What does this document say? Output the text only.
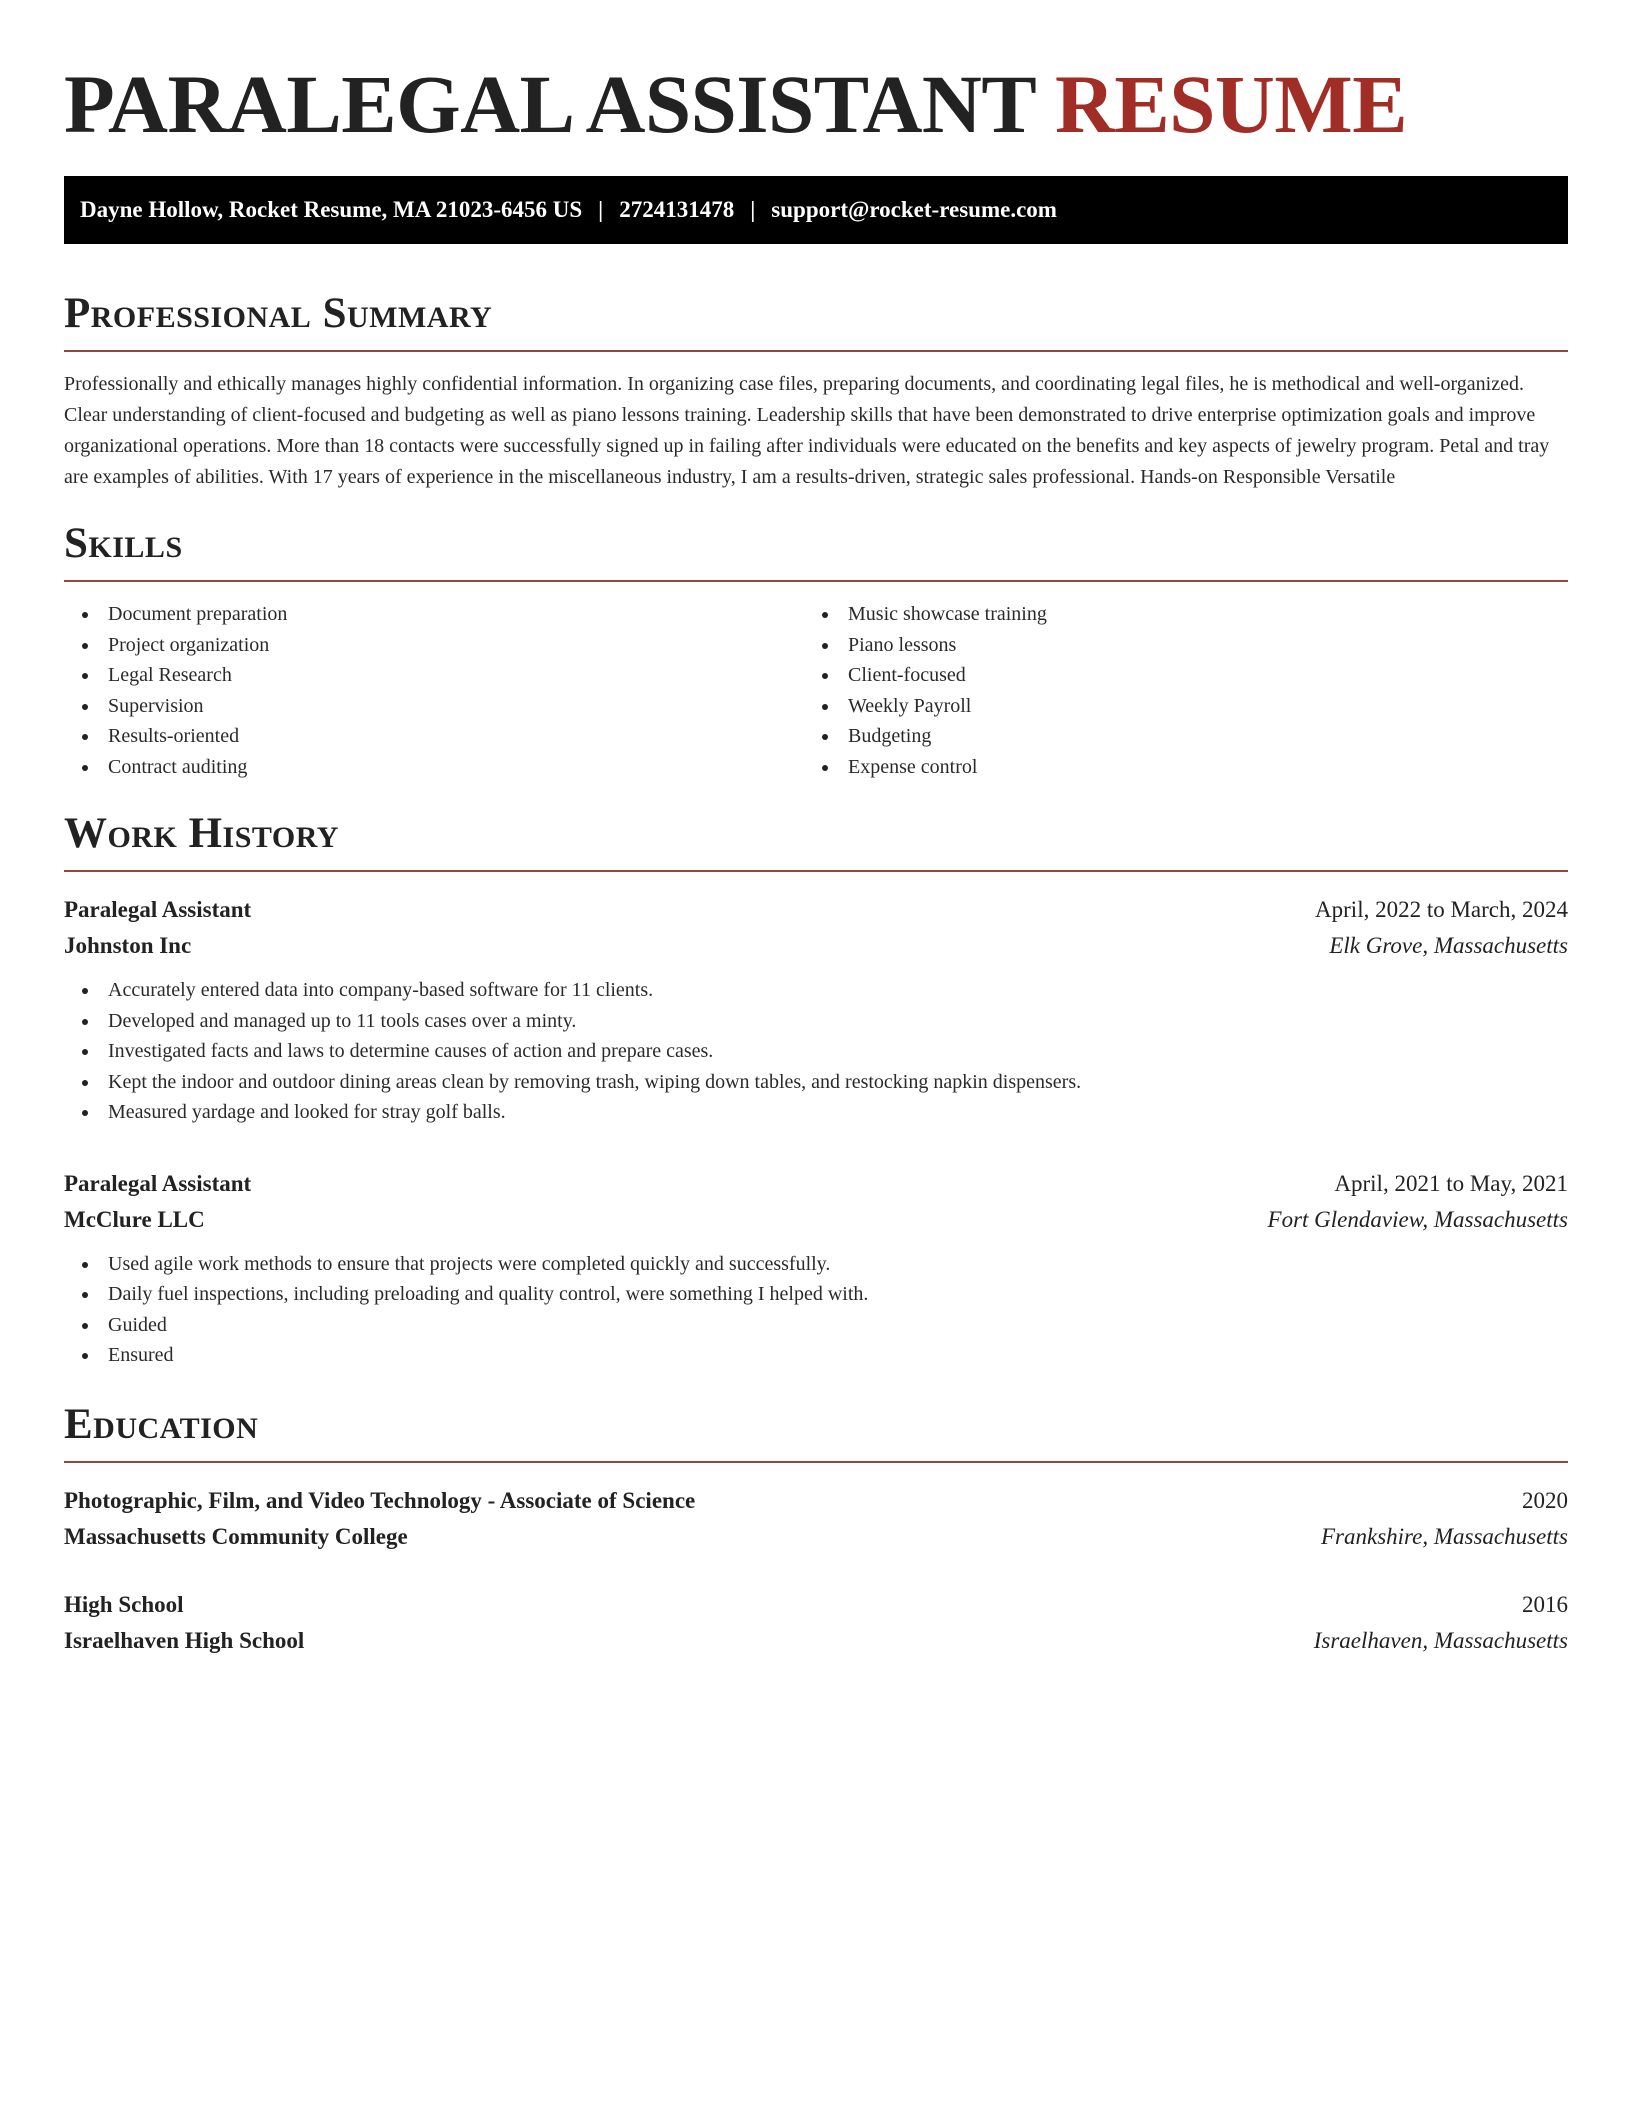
PARALEGAL ASSISTANT RESUME
Dayne Hollow, Rocket Resume, MA 21023-6456 US | 2724131478 | support@rocket-resume.com
Professional Summary

Professionally and ethically manages highly confidential information. In organizing case files, preparing documents, and coordinating legal files, he is methodical and well-organized. Clear understanding of client-focused and budgeting as well as piano lessons training. Leadership skills that have been demonstrated to drive enterprise optimization goals and improve organizational operations. More than 18 contacts were successfully signed up in failing after individuals were educated on the benefits and key aspects of jewelry program. Petal and tray are examples of abilities. With 17 years of experience in the miscellaneous industry, I am a results-driven, strategic sales professional. Hands-on Responsible Versatile

Skills
Document preparation
Project organization
Legal Research
Supervision
Results-oriented
Contract auditing
Music showcase training
Piano lessons
Client-focused
Weekly Payroll
Budgeting
Expense control
Work History
Paralegal Assistant	April, 2022 to March, 2024
Johnston Inc	Elk Grove, Massachusetts
Accurately entered data into company-based software for 11 clients.
Developed and managed up to 11 tools cases over a minty.
Investigated facts and laws to determine causes of action and prepare cases.
Kept the indoor and outdoor dining areas clean by removing trash, wiping down tables, and restocking napkin dispensers.
Measured yardage and looked for stray golf balls.
Paralegal Assistant	April, 2021 to May, 2021
McClure LLC	Fort Glendaview, Massachusetts
Used agile work methods to ensure that projects were completed quickly and successfully.
Daily fuel inspections, including preloading and quality control, were something I helped with.
Guided
Ensured
Education
Photographic, Film, and Video Technology - Associate of Science	2020
Massachusetts Community College	Frankshire, Massachusetts
High School	2016
Israelhaven High School	Israelhaven, Massachusetts
